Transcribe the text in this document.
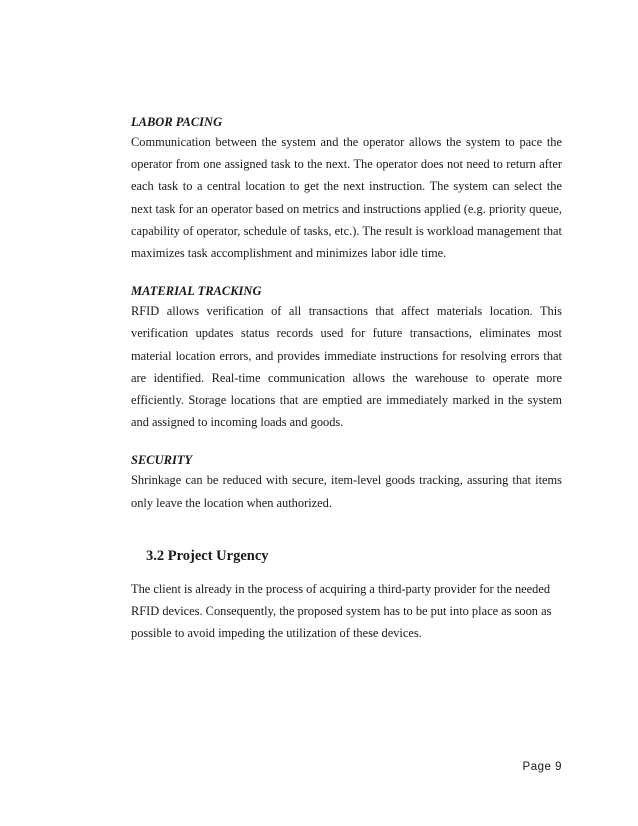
LABOR PACING

Communication between the system and the operator allows the system to pace the operator from one assigned task to the next. The operator does not need to return after each task to a central location to get the next instruction. The system can select the next task for an operator based on metrics and instructions applied (e.g. priority queue, capability of operator, schedule of tasks, etc.). The result is workload management that maximizes task accomplishment and minimizes labor idle time.

MATERIAL TRACKING

RFID allows verification of all transactions that affect materials location. This verification updates status records used for future transactions, eliminates most material location errors, and provides immediate instructions for resolving errors that are identified. Real-time communication allows the warehouse to operate more efficiently. Storage locations that are emptied are immediately marked in the system and assigned to incoming loads and goods.

SECURITY

Shrinkage can be reduced with secure, item-level goods tracking, assuring that items only leave the location when authorized.

3.2 Project Urgency

The client is already in the process of acquiring a third-party provider for the needed RFID devices. Consequently, the proposed system has to be put into place as soon as possible to avoid impeding the utilization of these devices.

Page 9
